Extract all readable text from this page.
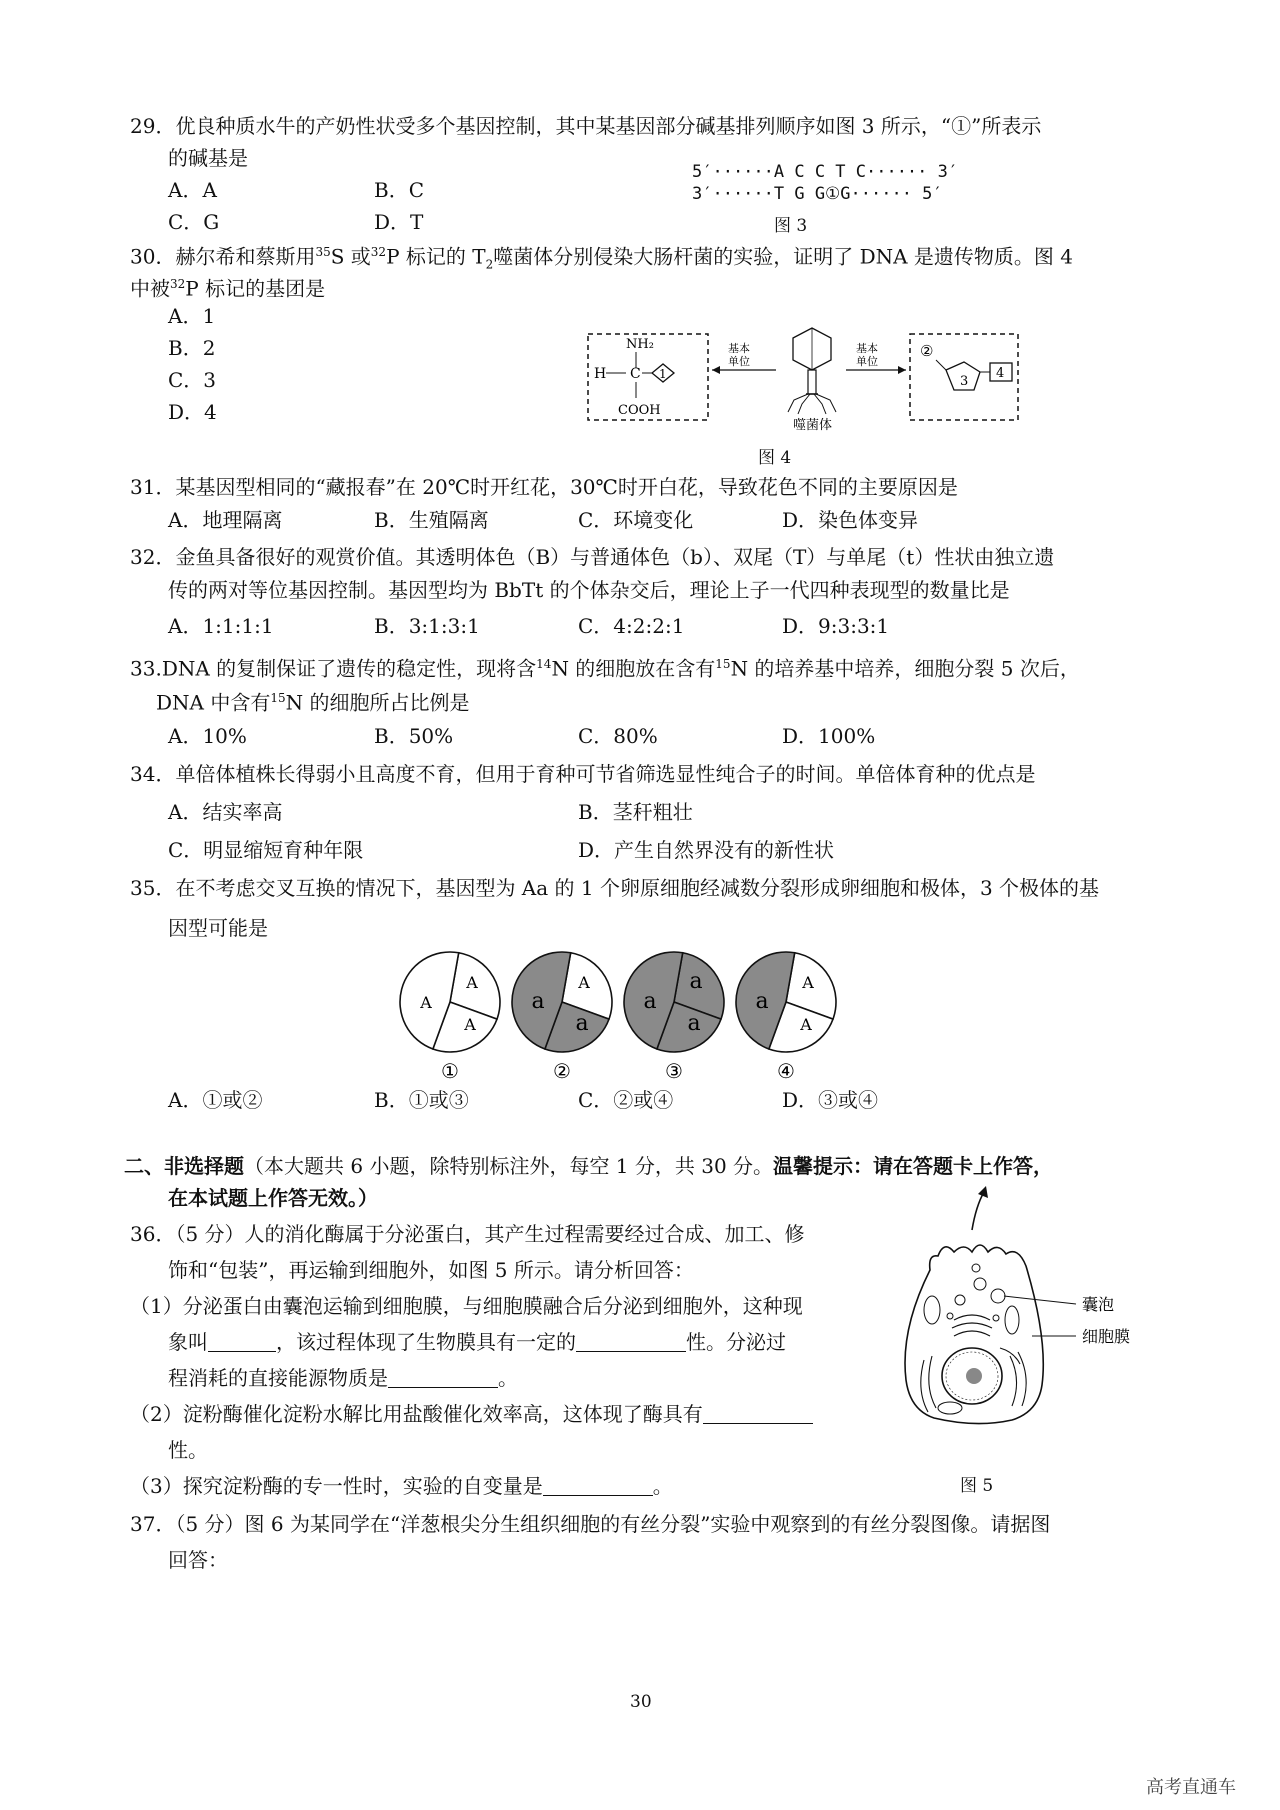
29．优良种质水牛的产奶性状受多个基因控制，其中某基因部分碱基排列顺序如图 3 所示，“①”所表示
的碱基是
A．A	B．C
C．G	D．T
5′······A C C T C······ 3′
3′······T G G①G······ 5′
图 3
30．赫尔希和蔡斯用$^{35}$S 或$^{32}$P 标记的 $T_2$噬菌体分别侵染大肠杆菌的实验，证明了 DNA 是遗传物质。图 4
中被$^{32}$P 标记的基团是
A．1
B．2
C．3
D．4
NH₂
H C 1
COOH
基本
单位
噬菌体
基本
单位
②
3
4
图 4
31．某基因型相同的“藏报春”在 20℃时开红花，30℃时开白花，导致花色不同的主要原因是
A．地理隔离	B．生殖隔离	C．环境变化	D．染色体变异
32．金鱼具备很好的观赏价值。其透明体色（B）与普通体色（b）、双尾（T）与单尾（t）性状由独立遗
传的两对等位基因控制。基因型均为 BbTt 的个体杂交后，理论上子一代四种表现型的数量比是
A．1:1:1:1	B．3:1:3:1	C．4:2:2:1	D．9:3:3:1
33.DNA 的复制保证了遗传的稳定性，现将含$^{14}$N 的细胞放在含有$^{15}$N 的培养基中培养，细胞分裂 5 次后，
DNA 中含有$^{15}$N 的细胞所占比例是
A．10%	B．50%	C．80%	D．100%
34．单倍体植株长得弱小且高度不育，但用于育种可节省筛选显性纯合子的时间。单倍体育种的优点是
A．结实率高	B．茎秆粗壮
C．明显缩短育种年限	D．产生自然界没有的新性状
35．在不考虑交叉互换的情况下，基因型为 Aa 的 1 个卵原细胞经减数分裂形成卵细胞和极体，3 个极体的基
因型可能是
A
A
A
①
a
A
a
②
a
a
a
③
a
A
A
④
A．①或②	B．①或③	C．②或④	D．③或④
二、非选择题（本大题共 6 小题，除特别标注外，每空 1 分，共 30 分。温馨提示：请在答题卡上作答，
在本试题上作答无效。）
36．（5 分）人的消化酶属于分泌蛋白，其产生过程需要经过合成、加工、修
饰和“包装”，再运输到细胞外，如图 5 所示。请分析回答：
（1）分泌蛋白由囊泡运输到细胞膜，与细胞膜融合后分泌到细胞外，这种现
象叫	，该过程体现了生物膜具有一定的	性。分泌过
程消耗的直接能源物质是	。
（2）淀粉酶催化淀粉水解比用盐酸催化效率高，这体现了酶具有
性。
（3）探究淀粉酶的专一性时，实验的自变量是	。
囊泡
细胞膜
图 5
37．（5 分）图 6 为某同学在“洋葱根尖分生组织细胞的有丝分裂”实验中观察到的有丝分裂图像。请据图
回答：
30
高考直通车
